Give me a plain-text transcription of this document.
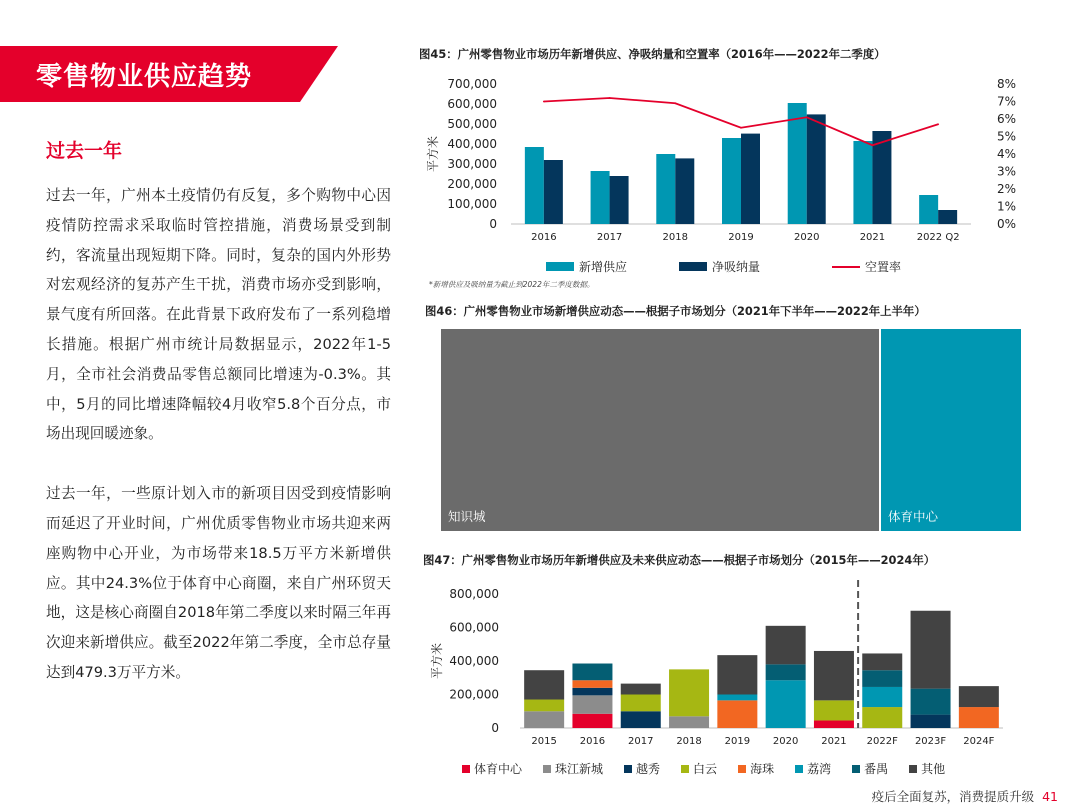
零售物业供应趋势
过去一年

过去一年，广州本土疫情仍有反复，多个购物中心因疫情防控需求采取临时管控措施，消费场景受到制约，客流量出现短期下降。同时，复杂的国内外形势对宏观经济的复苏产生干扰，消费市场亦受到影响，景气度有所回落。在此背景下政府发布了一系列稳增长措施。根据广州市统计局数据显示，2022年1-5月，全市社会消费品零售总额同比增速为-0.3%。其中，5月的同比增速降幅较4月收窄5.8个百分点，市场出现回暖迹象。

过去一年，一些原计划入市的新项目因受到疫情影响而延迟了开业时间，广州优质零售物业市场共迎来两座购物中心开业，为市场带来18.5万平方米新增供应。其中24.3%位于体育中心商圈，来自广州环贸天地，这是核心商圈自2018年第二季度以来时隔三年再次迎来新增供应。截至2022年第二季度，全市总存量达到479.3万平方米。

图45：广州零售物业市场历年新增供应、净吸纳量和空置率（2016年——2022年二季度）
700,000
600,000
500,000
400,000
300,000
200,000
100,000
0
8%
7%
6%
5%
4%
3%
2%
1%
0%
平方米
2016	2017	2018	2019	2020	2021	2022 Q2
新增供应	净吸纳量	空置率
*新增供应及吸纳量为截止到2022年二季度数据。
图46：广州零售物业市场新增供应动态——根据子市场划分（2021年下半年——2022年上半年）
知识城	体育中心
图47：广州零售物业市场历年新增供应及未来供应动态——根据子市场划分（2015年——2024年）
800,000
600,000
400,000
200,000
0
平方米
2015 2016 2017 2018 2019 2020 2021 2022F 2023F 2024F
体育中心	珠江新城	越秀	白云	海珠	荔湾	番禺	其他
疫后全面复苏，消费提质升级 41
